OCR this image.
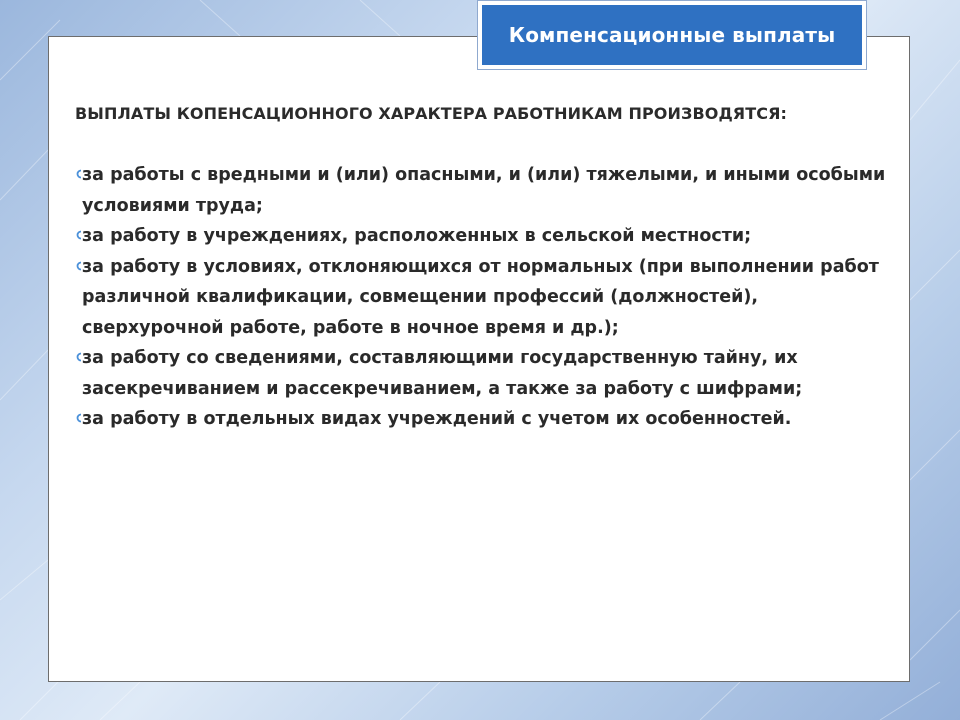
Компенсационные выплаты
ВЫПЛАТЫ КОПЕНСАЦИОННОГО ХАРАКТЕРА РАБОТНИКАМ ПРОИЗВОДЯТСЯ:
за работы с вредными и (или) опасными, и (или) тяжелыми, и иными особыми условиями труда;
за работу в учреждениях, расположенных в сельской местности;
за работу в условиях, отклоняющихся от нормальных (при выполнении работ различной квалификации, совмещении профессий (должностей), сверхурочной работе, работе в ночное время и др.);
за работу со сведениями, составляющими государственную тайну, их засекречиванием и рассекречиванием, а также за работу с шифрами;
за работу в отдельных видах учреждений с учетом их особенностей.
